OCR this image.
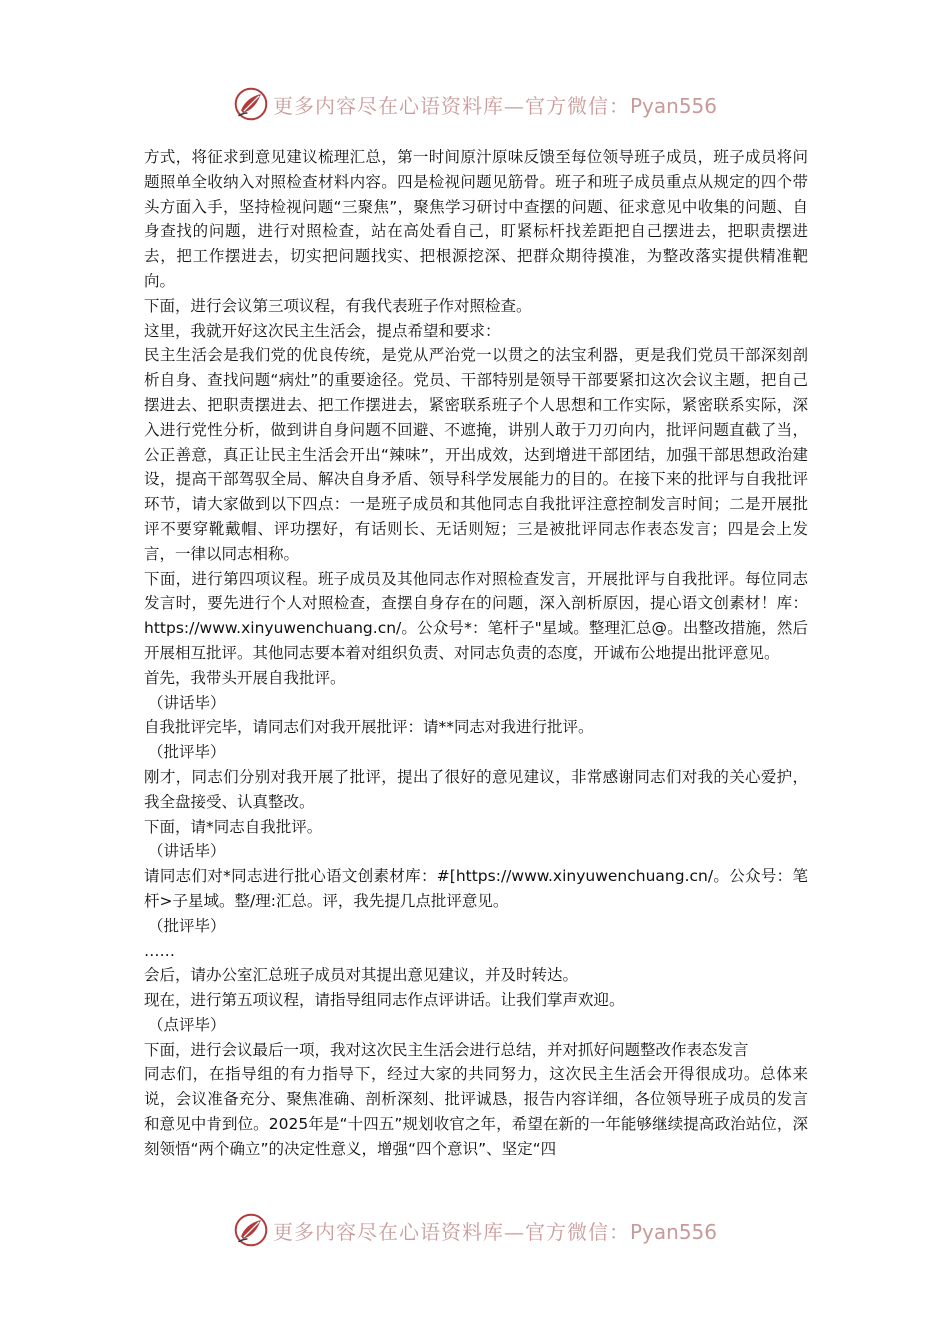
更多内容尽在心语资料库—官方微信：Pyan556

方式，将征求到意见建议梳理汇总，第一时间原汁原味反馈至每位领导班子成员，班子成员将问题照单全收纳入对照检查材料内容。四是检视问题见筋骨。班子和班子成员重点从规定的四个带头方面入手，坚持检视问题“三聚焦”，聚焦学习研讨中查摆的问题、征求意见中收集的问题、自身查找的问题，进行对照检查，站在高处看自己，盯紧标杆找差距把自己摆进去，把职责摆进去，把工作摆进去，切实把问题找实、把根源挖深、把群众期待摸准，为整改落实提供精准靶向。

下面，进行会议第三项议程，有我代表班子作对照检查。

这里，我就开好这次民主生活会，提点希望和要求：

民主生活会是我们党的优良传统，是党从严治党一以贯之的法宝利器，更是我们党员干部深刻剖析自身、查找问题“病灶”的重要途径。党员、干部特别是领导干部要紧扣这次会议主题，把自己摆进去、把职责摆进去、把工作摆进去，紧密联系班子个人思想和工作实际，紧密联系实际，深入进行党性分析，做到讲自身问题不回避、不遮掩，讲别人敢于刀刃向内，批评问题直截了当，公正善意，真正让民主生活会开出“辣味”，开出成效，达到增进干部团结，加强干部思想政治建设，提高干部驾驭全局、解决自身矛盾、领导科学发展能力的目的。在接下来的批评与自我批评环节，请大家做到以下四点：一是班子成员和其他同志自我批评注意控制发言时间；二是开展批评不要穿靴戴帽、评功摆好，有话则长、无话则短；三是被批评同志作表态发言；四是会上发言，一律以同志相称。

下面，进行第四项议程。班子成员及其他同志作对照检查发言，开展批评与自我批评。每位同志发言时，要先进行个人对照检查，查摆自身存在的问题，深入剖析原因，提心语文创素材！库：https://www.xinyuwenchuang.cn/。公众号*：笔杆子"星域。整理汇总@。出整改措施，然后开展相互批评。其他同志要本着对组织负责、对同志负责的态度，开诚布公地提出批评意见。

首先，我带头开展自我批评。

（讲话毕）

自我批评完毕，请同志们对我开展批评：请**同志对我进行批评。

（批评毕）

刚才，同志们分别对我开展了批评，提出了很好的意见建议，非常感谢同志们对我的关心爱护，我全盘接受、认真整改。

下面，请*同志自我批评。

（讲话毕）

请同志们对*同志进行批心语文创素材库：#[https://www.xinyuwenchuang.cn/。公众号：笔杆>子星域。整/理:汇总。评，我先提几点批评意见。

（批评毕）

……

会后，请办公室汇总班子成员对其提出意见建议，并及时转达。

现在，进行第五项议程，请指导组同志作点评讲话。让我们掌声欢迎。

（点评毕）

下面，进行会议最后一项，我对这次民主生活会进行总结，并对抓好问题整改作表态发言

同志们，在指导组的有力指导下，经过大家的共同努力，这次民主生活会开得很成功。总体来说，会议准备充分、聚焦准确、剖析深刻、批评诚恳，报告内容详细，各位领导班子成员的发言和意见中肯到位。2025年是“十四五”规划收官之年，希望在新的一年能够继续提高政治站位，深刻领悟“两个确立”的决定性意义，增强“四个意识”、坚定“四

更多内容尽在心语资料库—官方微信：Pyan556
